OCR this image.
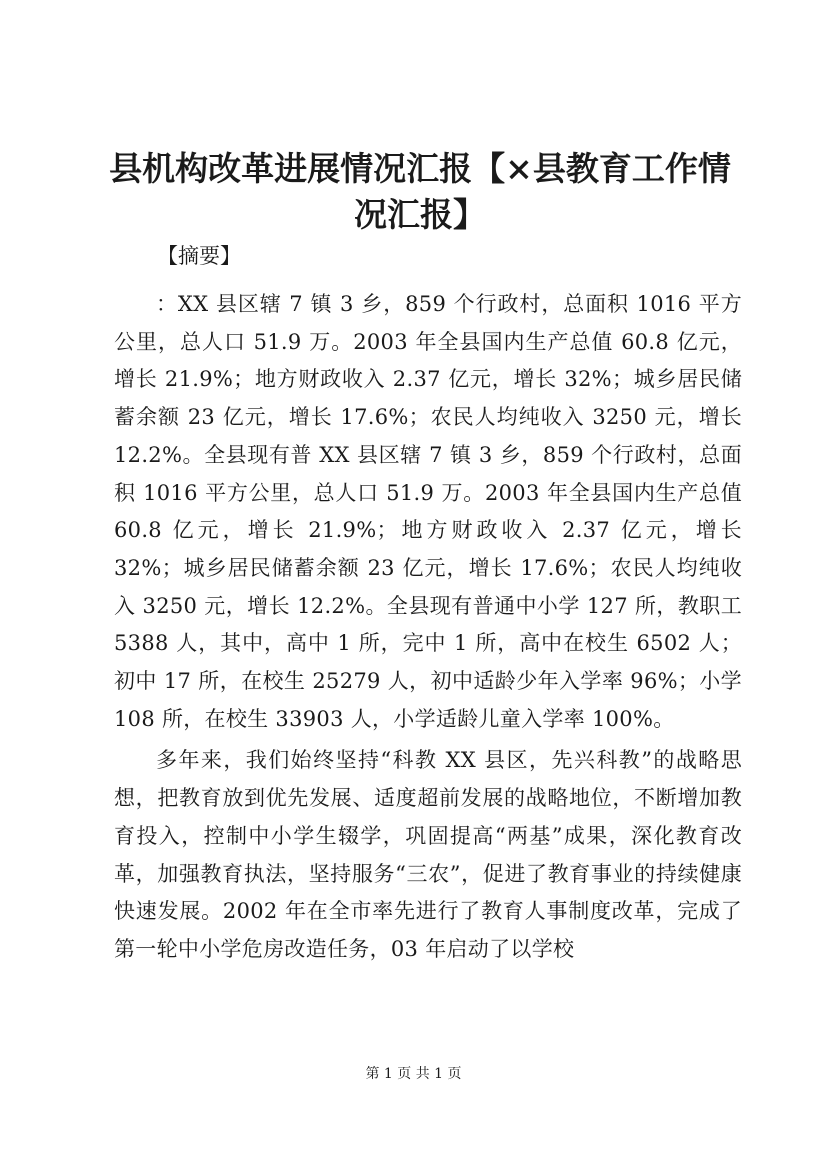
县机构改革进展情况汇报【×县教育工作情况汇报】
【摘要】

：XX 县区辖 7 镇 3 乡，859 个行政村，总面积 1016 平方公里，总人口 51.9 万。2003 年全县国内生产总值 60.8 亿元，增长 21.9%；地方财政收入 2.37 亿元，增长 32%；城乡居民储蓄余额 23 亿元，增长 17.6%；农民人均纯收入 3250 元，增长 12.2%。全县现有普 XX 县区辖 7 镇 3 乡，859 个行政村，总面积 1016 平方公里，总人口 51.9 万。2003 年全县国内生产总值 60.8 亿元，增长 21.9%；地方财政收入 2.37 亿元，增长 32%；城乡居民储蓄余额 23 亿元，增长 17.6%；农民人均纯收入 3250 元，增长 12.2%。全县现有普通中小学 127 所，教职工 5388 人，其中，高中 1 所，完中 1 所，高中在校生 6502 人；初中 17 所，在校生 25279 人，初中适龄少年入学率 96%；小学 108 所，在校生 33903 人，小学适龄儿童入学率 100%。

多年来，我们始终坚持“科教 XX 县区，先兴科教”的战略思想，把教育放到优先发展、适度超前发展的战略地位，不断增加教育投入，控制中小学生辍学，巩固提高“两基”成果，深化教育改革，加强教育执法，坚持服务“三农”，促进了教育事业的持续健康快速发展。2002 年在全市率先进行了教育人事制度改革，完成了第一轮中小学危房改造任务，03 年启动了以学校

第 1 页 共 1 页
